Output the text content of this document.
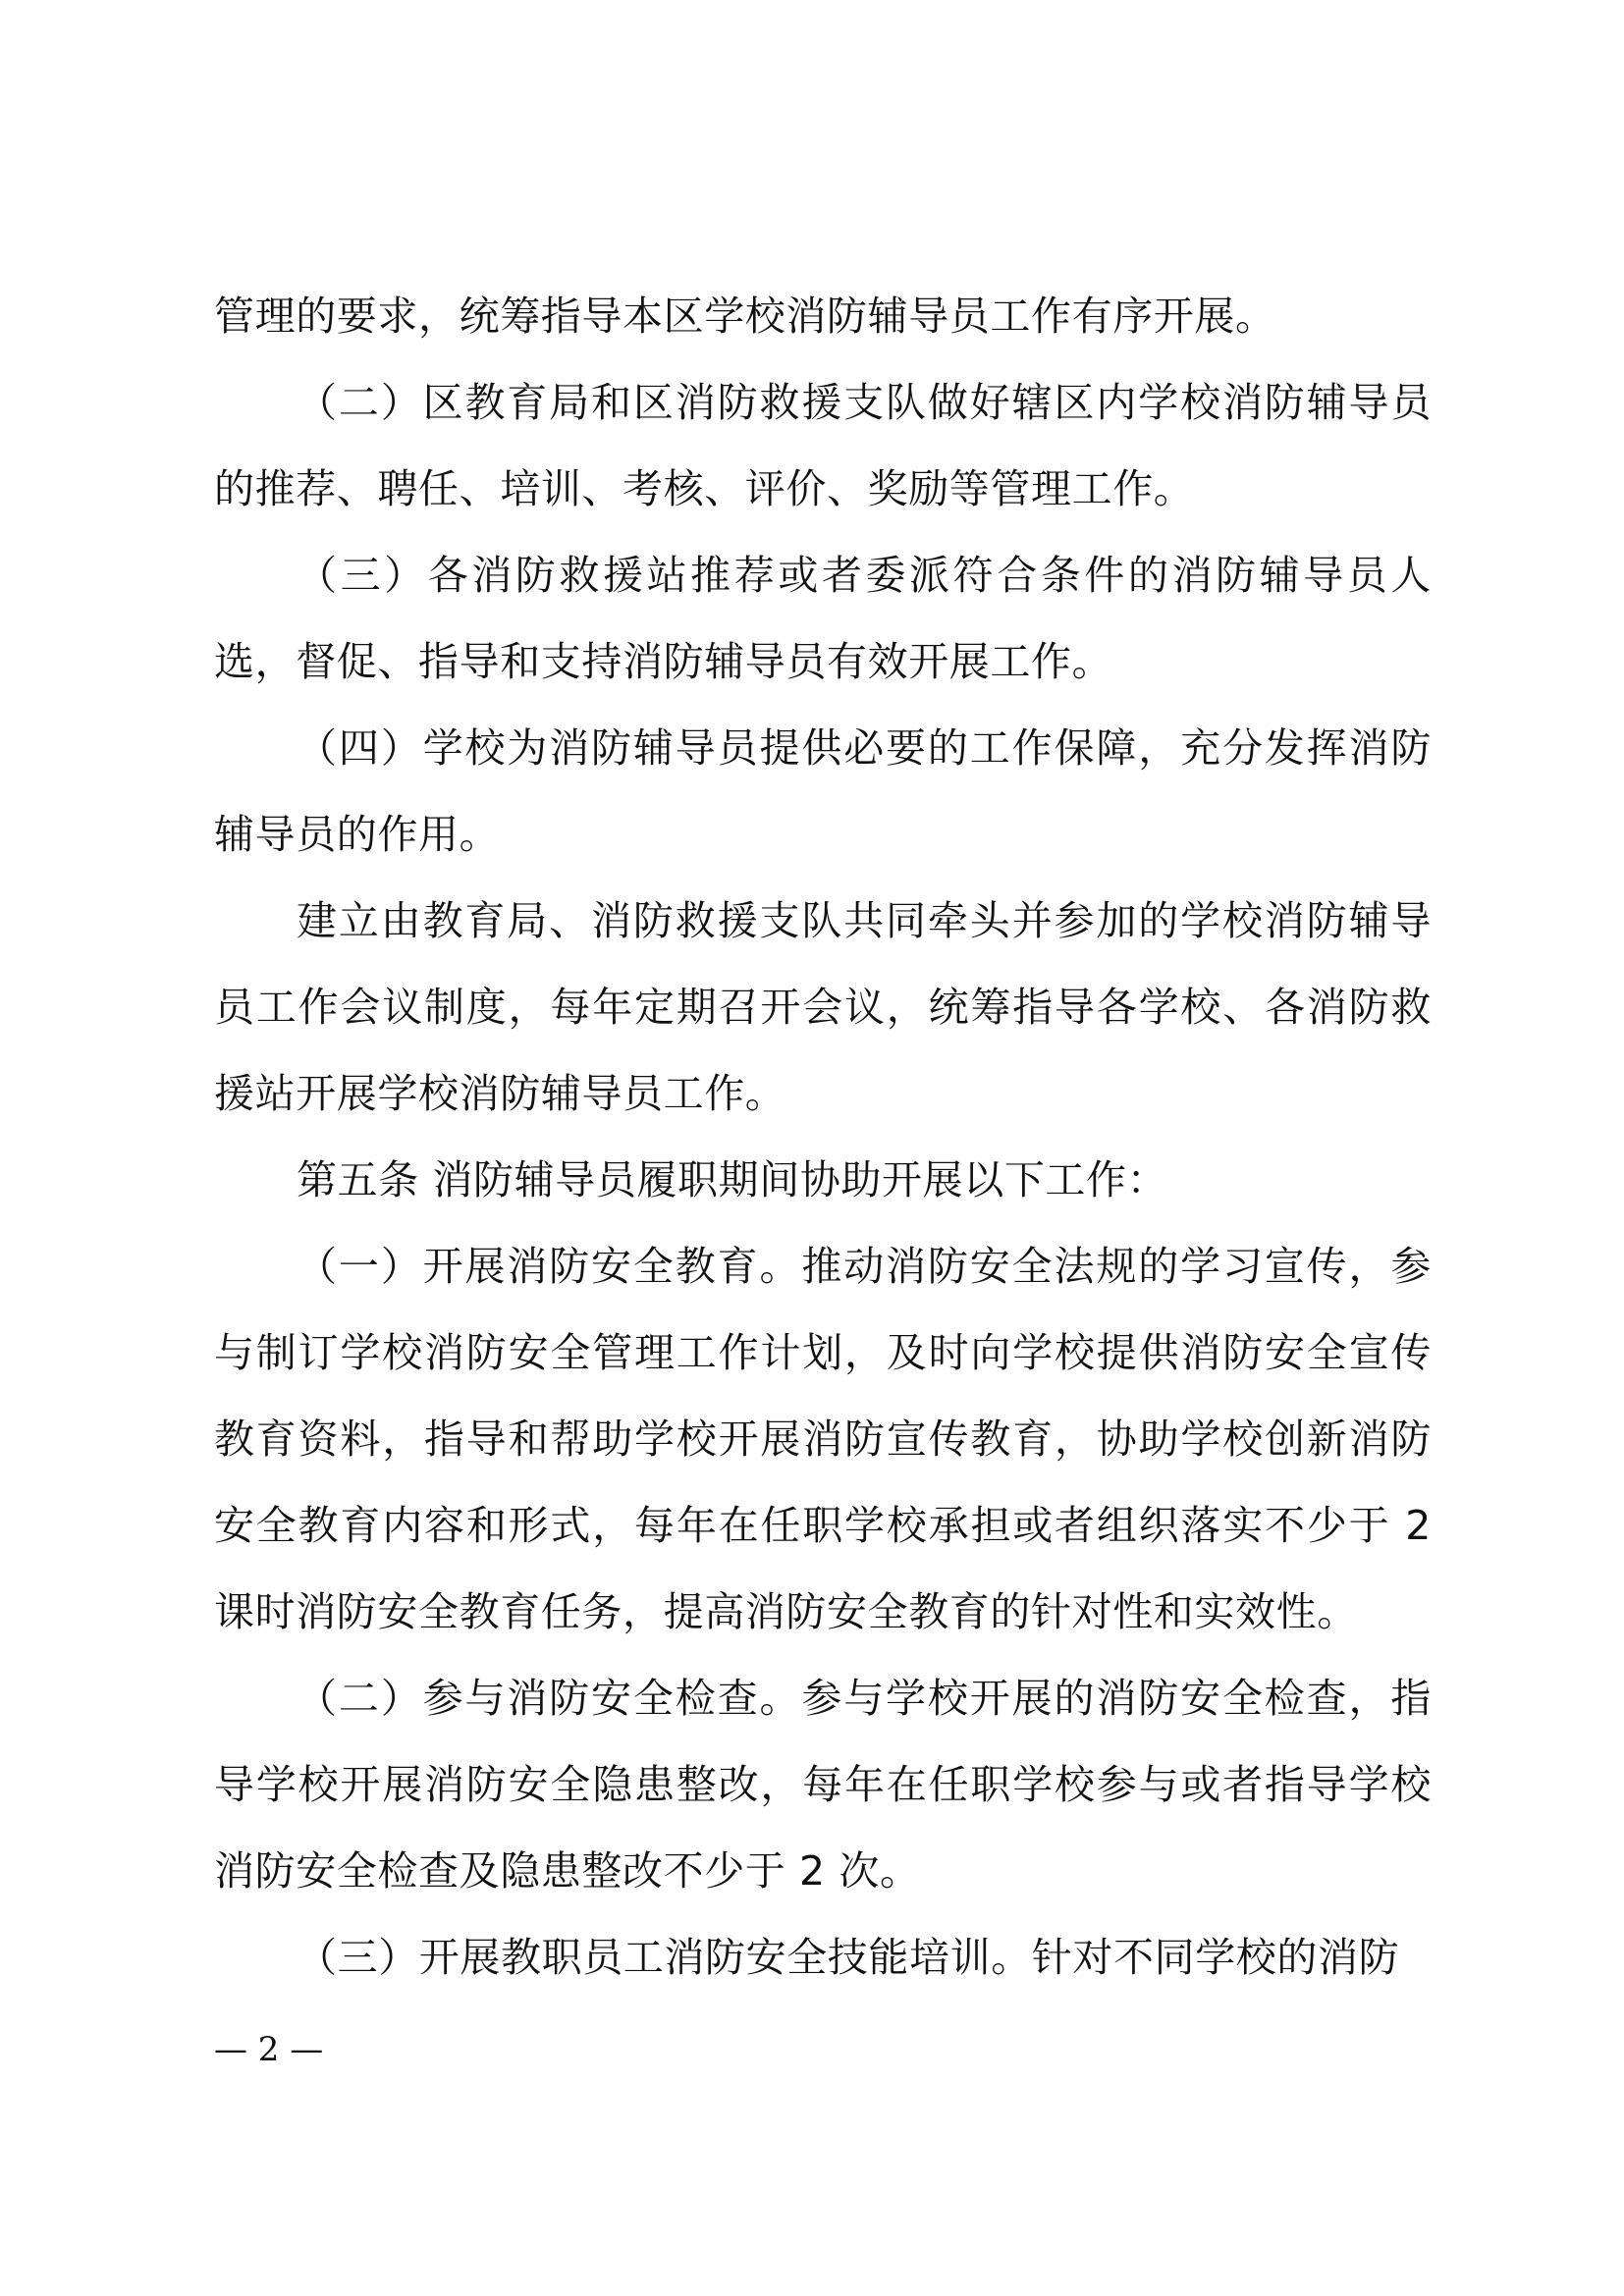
管理的要求，统筹指导本区学校消防辅导员工作有序开展。

（二）区教育局和区消防救援支队做好辖区内学校消防辅导员的推荐、聘任、培训、考核、评价、奖励等管理工作。

（三）各消防救援站推荐或者委派符合条件的消防辅导员人选，督促、指导和支持消防辅导员有效开展工作。

（四）学校为消防辅导员提供必要的工作保障，充分发挥消防辅导员的作用。

建立由教育局、消防救援支队共同牵头并参加的学校消防辅导员工作会议制度，每年定期召开会议，统筹指导各学校、各消防救援站开展学校消防辅导员工作。

第五条 消防辅导员履职期间协助开展以下工作：

（一）开展消防安全教育。推动消防安全法规的学习宣传，参与制订学校消防安全管理工作计划，及时向学校提供消防安全宣传教育资料，指导和帮助学校开展消防宣传教育，协助学校创新消防安全教育内容和形式，每年在任职学校承担或者组织落实不少于 2 课时消防安全教育任务，提高消防安全教育的针对性和实效性。

（二）参与消防安全检查。参与学校开展的消防安全检查，指导学校开展消防安全隐患整改，每年在任职学校参与或者指导学校消防安全检查及隐患整改不少于 2 次。

（三）开展教职员工消防安全技能培训。针对不同学校的消防

— 2 —
